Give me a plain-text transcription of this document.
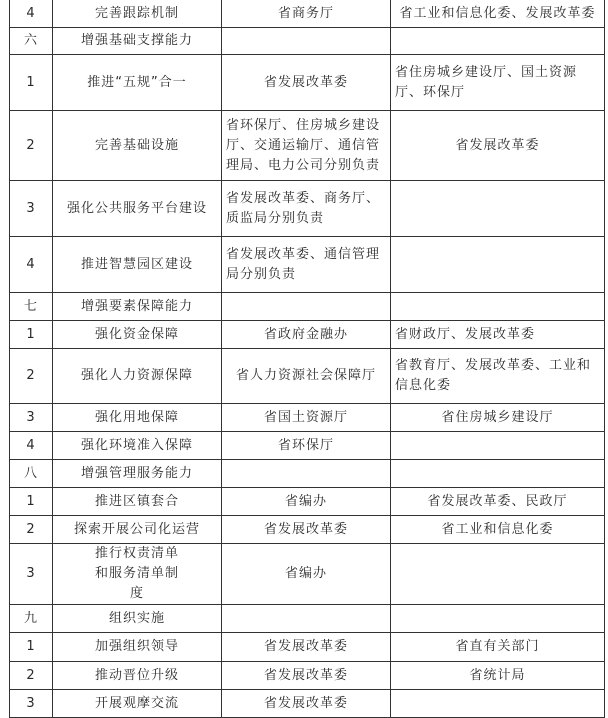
4	完善跟踪机制	省商务厅	省工业和信息化委、发展改革委
六	增强基础支撑能力		
1	推进“五规”合一	省发展改革委	省住房城乡建设厅、国土资源厅、环保厅
2	完善基础设施	省环保厅、住房城乡建设厅、交通运输厅、通信管理局、电力公司分别负责	省发展改革委
3	强化公共服务平台建设	省发展改革委、商务厅、质监局分别负责	
4	推进智慧园区建设	省发展改革委、通信管理局分别负责	
七	增强要素保障能力		
1	强化资金保障	省政府金融办	省财政厅、发展改革委
2	强化人力资源保障	省人力资源社会保障厅	省教育厅、发展改革委、工业和信息化委
3	强化用地保障	省国土资源厅	省住房城乡建设厅
4	强化环境准入保障	省环保厅	
八	增强管理服务能力		
1	推进区镇套合	省编办	省发展改革委、民政厅
2	探索开展公司化运营	省发展改革委	省工业和信息化委
3	推行权责清单和服务清单制度	省编办	
九	组织实施		
1	加强组织领导	省发展改革委	省直有关部门
2	推动晋位升级	省发展改革委	省统计局
3	开展观摩交流	省发展改革委	
